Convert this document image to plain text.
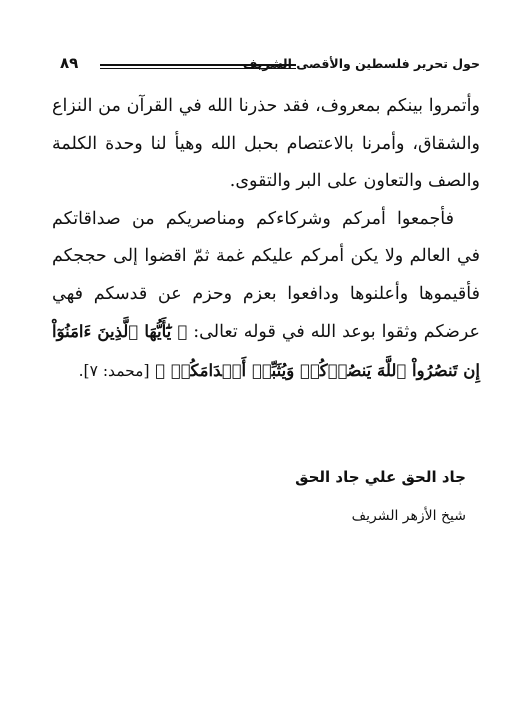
حول تحرير فلسطين والأقصى الشريف
٨٩

وأتمروا بينكم بمعروف، فقد حذرنا الله في القرآن من النزاع والشقاق، وأمرنا بالاعتصام بحبل الله وهيأ لنا وحدة الكلمة والصف والتعاون على البر والتقوى.

فأجمعوا أمركم وشركاءكم ومناصريكم من صداقاتكم في العالم ولا يكن أمركم عليكم غمة ثمّ اقضوا إلى حججكم فأقيموها وأعلنوها ودافعوا بعزم وحزم عن قدسكم فهي عرضكم وثقوا بوعد الله في قوله تعالى: ﴿ يَٰٓأَيُّهَا ٱلَّذِينَ ءَامَنُوٓاْ إِن تَنصُرُواْ ٱللَّهَ يَنصُرۡكُمۡ وَيُثَبِّتۡ أَقۡدَامَكُمۡ ﴾ [محمد: ٧].

جاد الحق علي جاد الحق
شيخ الأزهر الشريف
